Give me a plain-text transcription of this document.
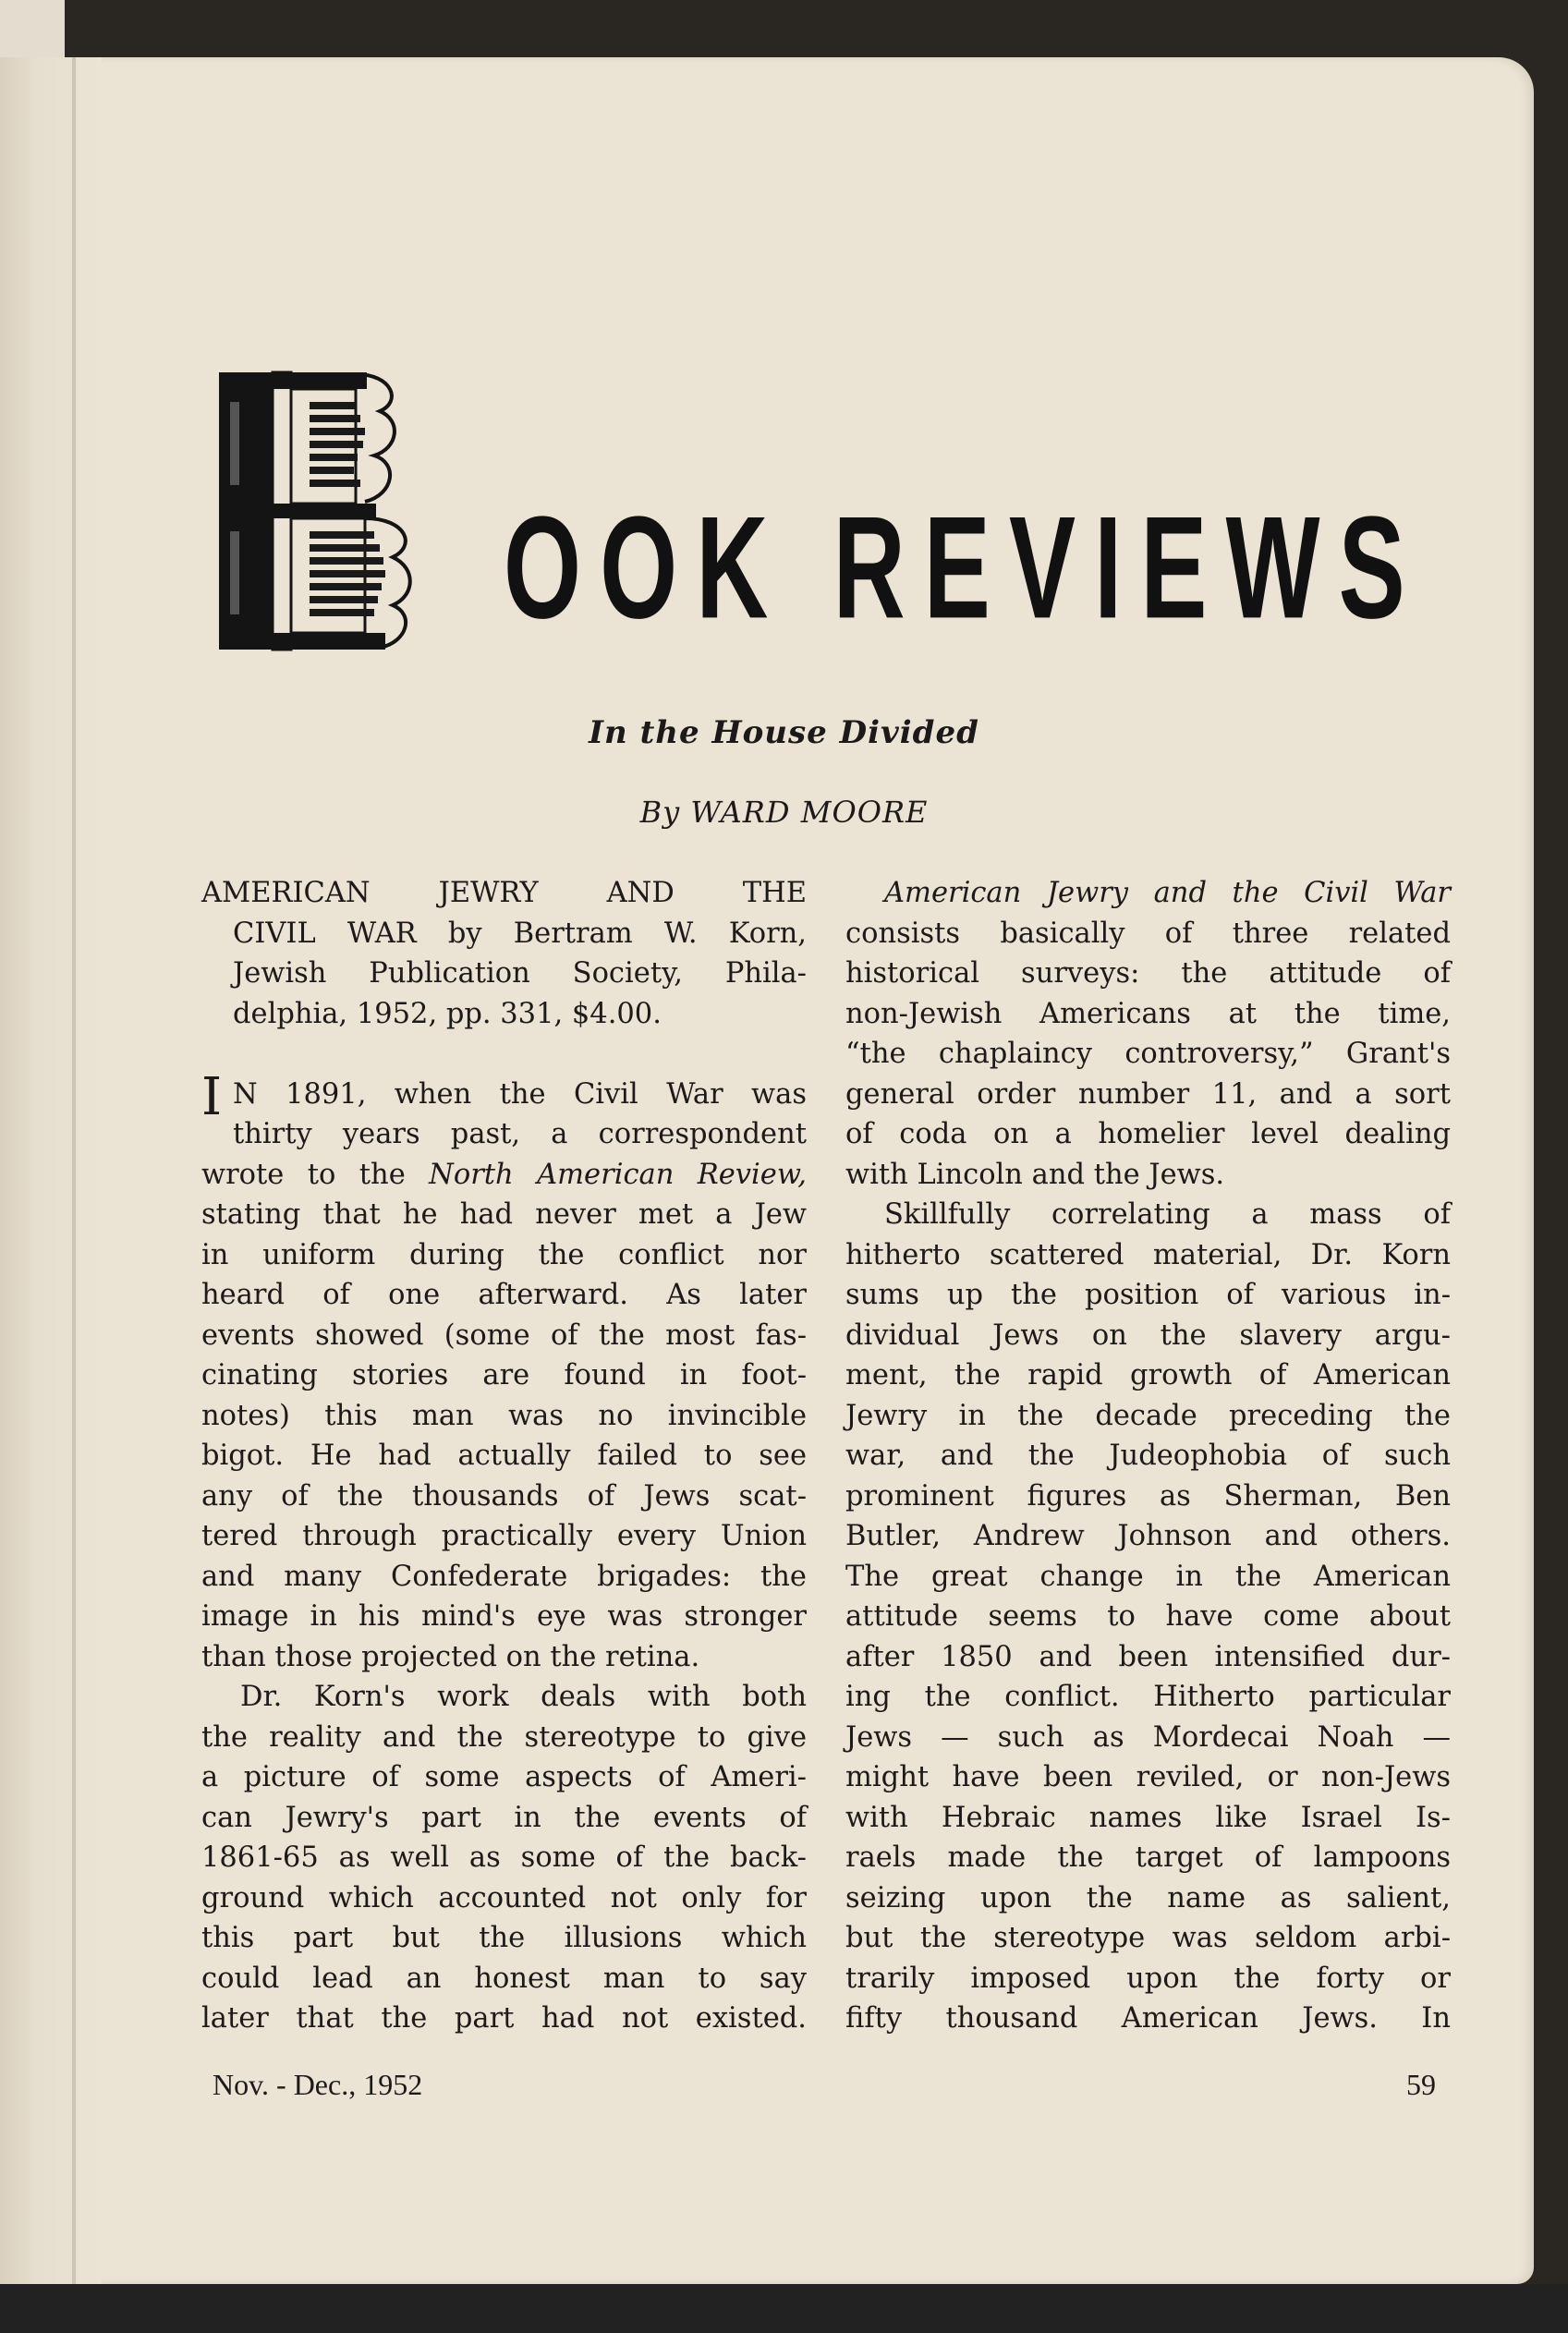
OOK REVIEWS
In the House Divided
By WARD MOORE
AMERICAN JEWRY AND THE
CIVIL WAR by Bertram W. Korn,
Jewish Publication Society, Phila-
delphia, 1952, pp. 331, $4.00.
N 1891, when the Civil War was
thirty years past, a correspondent
wrote to the North American Review,
stating that he had never met a Jew
in uniform during the conflict nor
heard of one afterward. As later
events showed (some of the most fas-
cinating stories are found in foot-
notes) this man was no invincible
bigot. He had actually failed to see
any of the thousands of Jews scat-
tered through practically every Union
and many Confederate brigades: the
image in his mind's eye was stronger
than those projected on the retina.
Dr. Korn's work deals with both
the reality and the stereotype to give
a picture of some aspects of Ameri-
can Jewry's part in the events of
1861-65 as well as some of the back-
ground which accounted not only for
this part but the illusions which
could lead an honest man to say
later that the part had not existed.
American Jewry and the Civil War
consists basically of three related
historical surveys: the attitude of
non-Jewish Americans at the time,
“the chaplaincy controversy,” Grant's
general order number 11, and a sort
of coda on a homelier level dealing
with Lincoln and the Jews.
Skillfully correlating a mass of
hitherto scattered material, Dr. Korn
sums up the position of various in-
dividual Jews on the slavery argu-
ment, the rapid growth of American
Jewry in the decade preceding the
war, and the Judeophobia of such
prominent figures as Sherman, Ben
Butler, Andrew Johnson and others.
The great change in the American
attitude seems to have come about
after 1850 and been intensified dur-
ing the conflict. Hitherto particular
Jews — such as Mordecai Noah —
might have been reviled, or non-Jews
with Hebraic names like Israel Is-
raels made the target of lampoons
seizing upon the name as salient,
but the stereotype was seldom arbi-
trarily imposed upon the forty or
fifty thousand American Jews. In
I
Nov. - Dec., 1952	59
